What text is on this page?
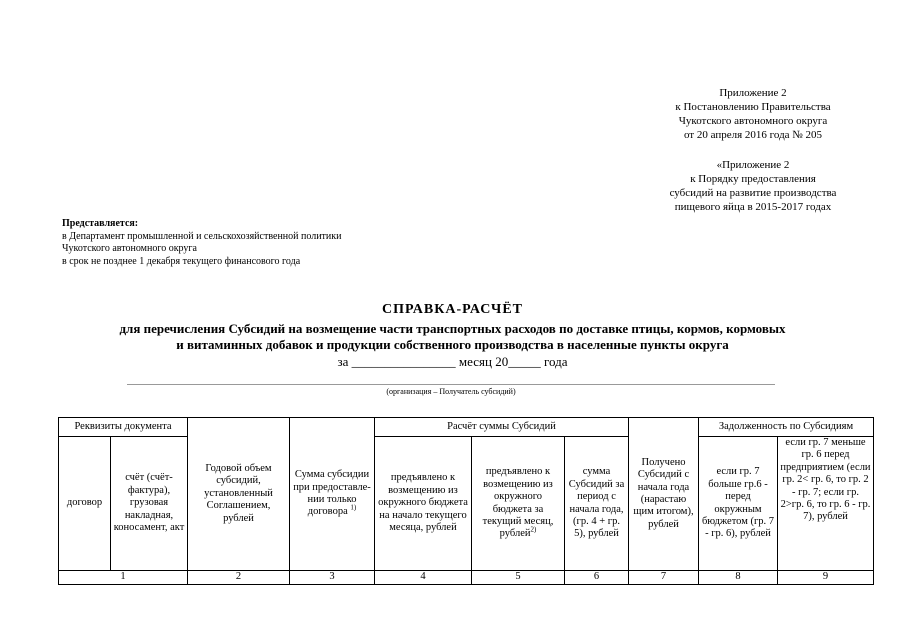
Приложение 2
к Постановлению Правительства
Чукотского автономного округа
от 20 апреля 2016 года № 205
«Приложение 2
к Порядку предоставления
субсидий на развитие производства
пищевого яйца в 2015-2017 годах
Представляется:
в Департамент промышленной и сельскохозяйственной политики
Чукотского автономного округа
в срок не позднее 1 декабря текущего финансового года
СПРАВКА-РАСЧЁТ
для перечисления Субсидий на возмещение части транспортных расходов по доставке птицы, кормов, кормовых
и витаминных добавок и продукции собственного производства в населенные пункты округа
за ________________ месяц 20_____ года
(организация – Получатель субсидий)
Реквизиты документа		Годовой объем субсидий, установленный Соглашением, рублей	Сумма субсидии при предоставле-нии только договора $^{1)}$	Расчёт суммы Субсидий			Получено Субсидий с начала года (нарастаю щим итогом), рублей	Задолженность по Субсидиям	
договор	счёт (счёт-фактура), грузовая накладная, коносамент, акт			предъявлено к возмещению из окружного бюджета на начало текущего месяца, рублей	предъявлено к возмещению из окружного бюджета за текущий месяц, рублей$^{2)}$	сумма Субсидий за период с начала года, (гр. 4 + гр. 5), рублей		если гр. 7 больше гр.6 - перед окружным бюджетом (гр. 7 - гр. 6), рублей	если гр. 7 меньше гр. 6 перед предприятием (если гр. 2< гр. 6, то гр. 2 - гр. 7; если гр. 2>гр. 6, то гр. 6 - гр. 7), рублей
1		2	3	4	5	6	7	8	9
